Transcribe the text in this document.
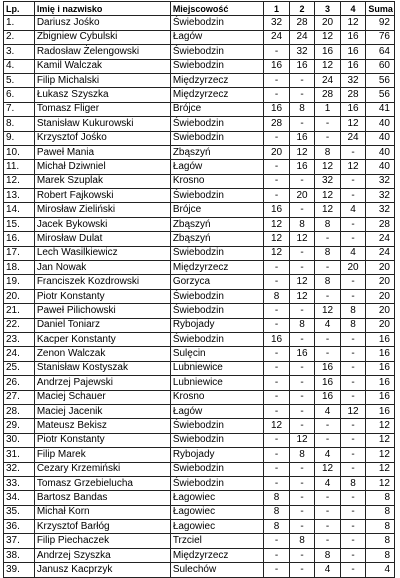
Lp.	Imię i nazwisko	Miejscowość	1	2	3	4	Suma
1.	Dariusz Jośko	Świebodzin	32	28	20	12	92
2.	Zbigniew Cybulski	Łagów	24	24	12	16	76
3.	Radosław Żelengowski	Świebodzin	-	32	16	16	64
4.	Kamil Walczak	Świebodzin	16	16	12	16	60
5.	Filip Michalski	Międzyrzecz	-	-	24	32	56
6.	Łukasz Szyszka	Międzyrzecz	-	-	28	28	56
7.	Tomasz Fliger	Brójce	16	8	1	16	41
8.	Stanisław Kukurowski	Świebodzin	28	-	-	12	40
9.	Krzysztof Jośko	Świebodzin	-	16	-	24	40
10.	Paweł Mania	Zbąszyń	20	12	8	-	40
11.	Michał Dziwniel	Łagów	-	16	12	12	40
12.	Marek Szuplak	Krosno	-	-	32	-	32
13.	Robert Fajkowski	Świebodzin	-	20	12	-	32
14.	Mirosław Zieliński	Brójce	16	-	12	4	32
15.	Jacek Bykowski	Zbąszyń	12	8	8	-	28
16.	Mirosław Dulat	Zbąszyń	12	12	-	-	24
17.	Lech Wasilkiewicz	Świebodzin	12	-	8	4	24
18.	Jan Nowak	Międzyrzecz	-	-	-	20	20
19.	Franciszek Kozdrowski	Gorzyca	-	12	8	-	20
20.	Piotr Konstanty	Świebodzin	8	12	-	-	20
21.	Paweł Pilichowski	Świebodzin	-	-	12	8	20
22.	Daniel Toniarz	Rybojady	-	8	4	8	20
23.	Kacper Konstanty	Świebodzin	16	-	-	-	16
24.	Zenon Walczak	Sulęcin	-	16	-	-	16
25.	Stanisław Kostyszak	Lubniewice	-	-	16	-	16
26.	Andrzej Pajewski	Lubniewice	-	-	16	-	16
27.	Maciej Schauer	Krosno	-	-	16	-	16
28.	Maciej Jacenik	Łagów	-	-	4	12	16
29.	Mateusz Bekisz	Świebodzin	12	-	-	-	12
30.	Piotr Konstanty	Świebodzin	-	12	-	-	12
31.	Filip Marek	Rybojady	-	8	4	-	12
32.	Cezary Krzemiński	Świebodzin	-	-	12	-	12
33.	Tomasz Grzebielucha	Świebodzin	-	-	4	8	12
34.	Bartosz Bandas	Łagowiec	8	-	-	-	8
35.	Michał Korn	Łagowiec	8	-	-	-	8
36.	Krzysztof Barłóg	Łagowiec	8	-	-	-	8
37.	Filip Piechaczek	Trzciel	-	8	-	-	8
38.	Andrzej Szyszka	Międzyrzecz	-	-	8	-	8
39.	Janusz Kacprzyk	Sulechów	-	-	4	-	4
